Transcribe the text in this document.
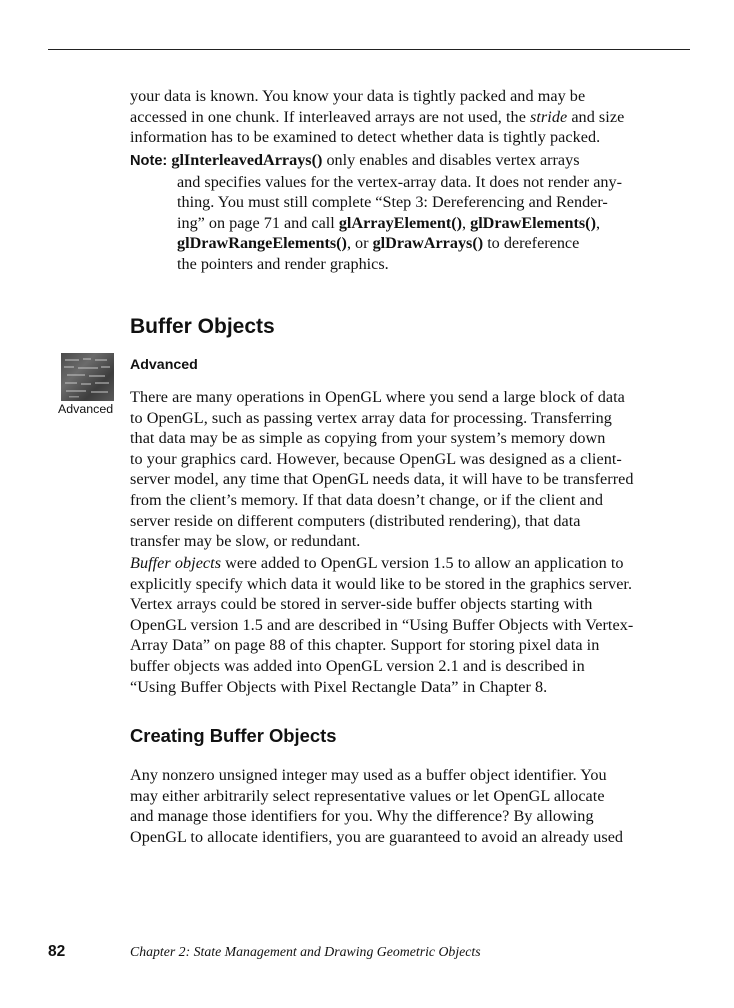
your data is known. You know your data is tightly packed and may be
accessed in one chunk. If interleaved arrays are not used, the stride and size
information has to be examined to detect whether data is tightly packed.

Note: glInterleavedArrays() only enables and disables vertex arrays
and specifies values for the vertex-array data. It does not render any-
thing. You must still complete “Step 3: Dereferencing and Render-
ing” on page 71 and call glArrayElement(), glDrawElements(),
glDrawRangeElements(), or glDrawArrays() to dereference
the pointers and render graphics.
Buffer Objects
Advanced
Advanced

There are many operations in OpenGL where you send a large block of data
to OpenGL, such as passing vertex array data for processing. Transferring
that data may be as simple as copying from your system’s memory down
to your graphics card. However, because OpenGL was designed as a client-
server model, any time that OpenGL needs data, it will have to be transferred
from the client’s memory. If that data doesn’t change, or if the client and
server reside on different computers (distributed rendering), that data
transfer may be slow, or redundant.

Buffer objects were added to OpenGL version 1.5 to allow an application to
explicitly specify which data it would like to be stored in the graphics server.
Vertex arrays could be stored in server-side buffer objects starting with
OpenGL version 1.5 and are described in “Using Buffer Objects with Vertex-
Array Data” on page 88 of this chapter. Support for storing pixel data in
buffer objects was added into OpenGL version 2.1 and is described in
“Using Buffer Objects with Pixel Rectangle Data” in Chapter 8.

Creating Buffer Objects

Any nonzero unsigned integer may used as a buffer object identifier. You
may either arbitrarily select representative values or let OpenGL allocate
and manage those identifiers for you. Why the difference? By allowing
OpenGL to allocate identifiers, you are guaranteed to avoid an already used

82	Chapter 2: State Management and Drawing Geometric Objects
